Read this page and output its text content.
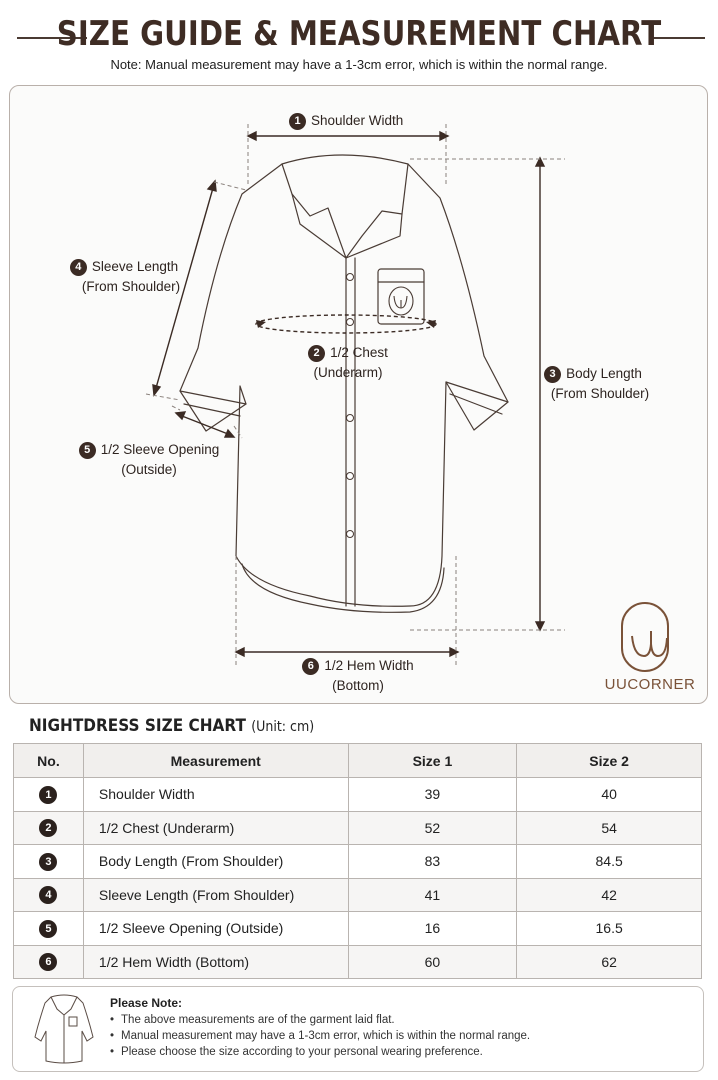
SIZE GUIDE & MEASUREMENT CHART
Note: Manual measurement may have a 1-3cm error, which is within the normal range.
1 Shoulder Width
2 1/2 Chest
(Underarm)	3 Body Length
(From Shoulder)
4 Sleeve Length
(From Shoulder)
5 1/2 Sleeve Opening
(Outside)
6 1/2 Hem Width
(Bottom)	UUCORNER
NIGHTDRESS SIZE CHART (Unit: cm)
No.	Measurement	Size 1	Size 2
1	Shoulder Width	39	40
2	1/2 Chest (Underarm)	52	54
3	Body Length (From Shoulder)	83	84.5
4	Sleeve Length (From Shoulder)	41	42
5	1/2 Sleeve Opening (Outside)	16	16.5
6	1/2 Hem Width (Bottom)	60	62
Please Note:
• The above measurements are of the garment laid flat.
• Manual measurement may have a 1-3cm error, which is within the normal range.
• Please choose the size according to your personal wearing preference.
